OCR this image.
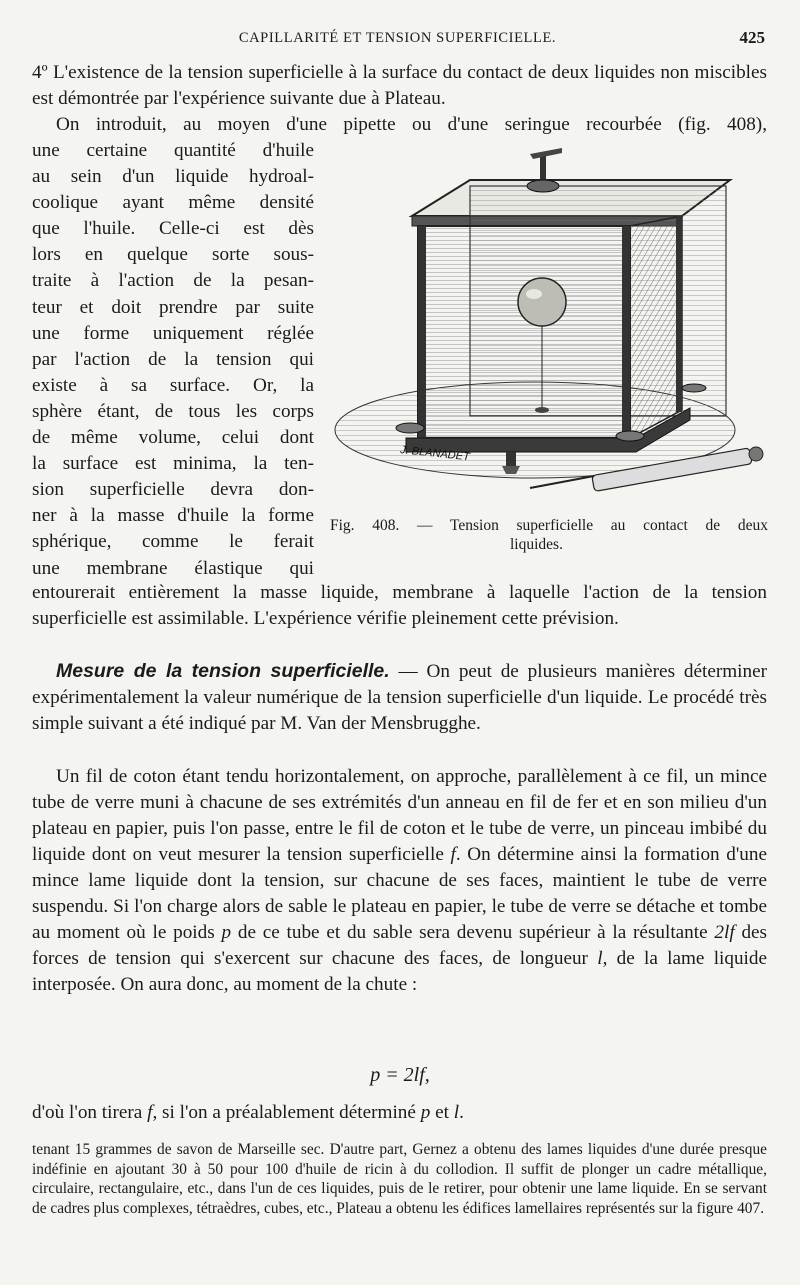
CAPILLARITÉ ET TENSION SUPERFICIELLE.	425

4º L'existence de la tension superficielle à la surface du contact de deux liquides non miscibles est démontrée par l'expérience suivante due à Plateau.

On introduit, au moyen d'une pipette ou d'une seringue recourbée (fig. 408),

une certaine quantité d'huile
au sein d'un liquide hydroal-
coolique ayant même densité
que l'huile. Celle-ci est dès
lors en quelque sorte sous-
traite à l'action de la pesan-
teur et doit prendre par suite
une forme uniquement réglée
par l'action de la tension qui
existe à sa surface. Or, la
sphère étant, de tous les corps
de même volume, celui dont
la surface est minima, la ten-
sion superficielle devra don-
ner à la masse d'huile la forme
sphérique, comme le ferait
une membrane élastique qui
J. BLANADET
Fig. 408. — Tension superficielle au contact de deux
liquides.

entourerait entièrement la masse liquide, membrane à laquelle l'action de la tension superficielle est assimilable. L'expérience vérifie pleinement cette prévision.

Mesure de la tension superficielle. — On peut de plusieurs manières déterminer expérimentalement la valeur numérique de la tension superficielle d'un liquide. Le procédé très simple suivant a été indiqué par M. Van der Mensbrugghe.

Un fil de coton étant tendu horizontalement, on approche, parallèlement à ce fil, un mince tube de verre muni à chacune de ses extrémités d'un anneau en fil de fer et en son milieu d'un plateau en papier, puis l'on passe, entre le fil de coton et le tube de verre, un pinceau imbibé du liquide dont on veut mesurer la tension superficielle f. On détermine ainsi la formation d'une mince lame liquide dont la tension, sur chacune de ses faces, maintient le tube de verre suspendu. Si l'on charge alors de sable le plateau en papier, le tube de verre se détache et tombe au moment où le poids p de ce tube et du sable sera devenu supérieur à la résultante 2lf des forces de tension qui s'exercent sur chacune des faces, de longueur l, de la lame liquide interposée. On aura donc, au moment de la chute :

p = 2lf,

d'où l'on tirera f, si l'on a préalablement déterminé p et l.

tenant 15 grammes de savon de Marseille sec. D'autre part, Gernez a obtenu des lames liquides d'une durée presque indéfinie en ajoutant 30 à 50 pour 100 d'huile de ricin à du collodion. Il suffit de plonger un cadre métallique, circulaire, rectangulaire, etc., dans l'un de ces liquides, puis de le retirer, pour obtenir une lame liquide. En se servant de cadres plus complexes, tétraèdres, cubes, etc., Plateau a obtenu les édifices lamellaires représentés sur la figure 407.
